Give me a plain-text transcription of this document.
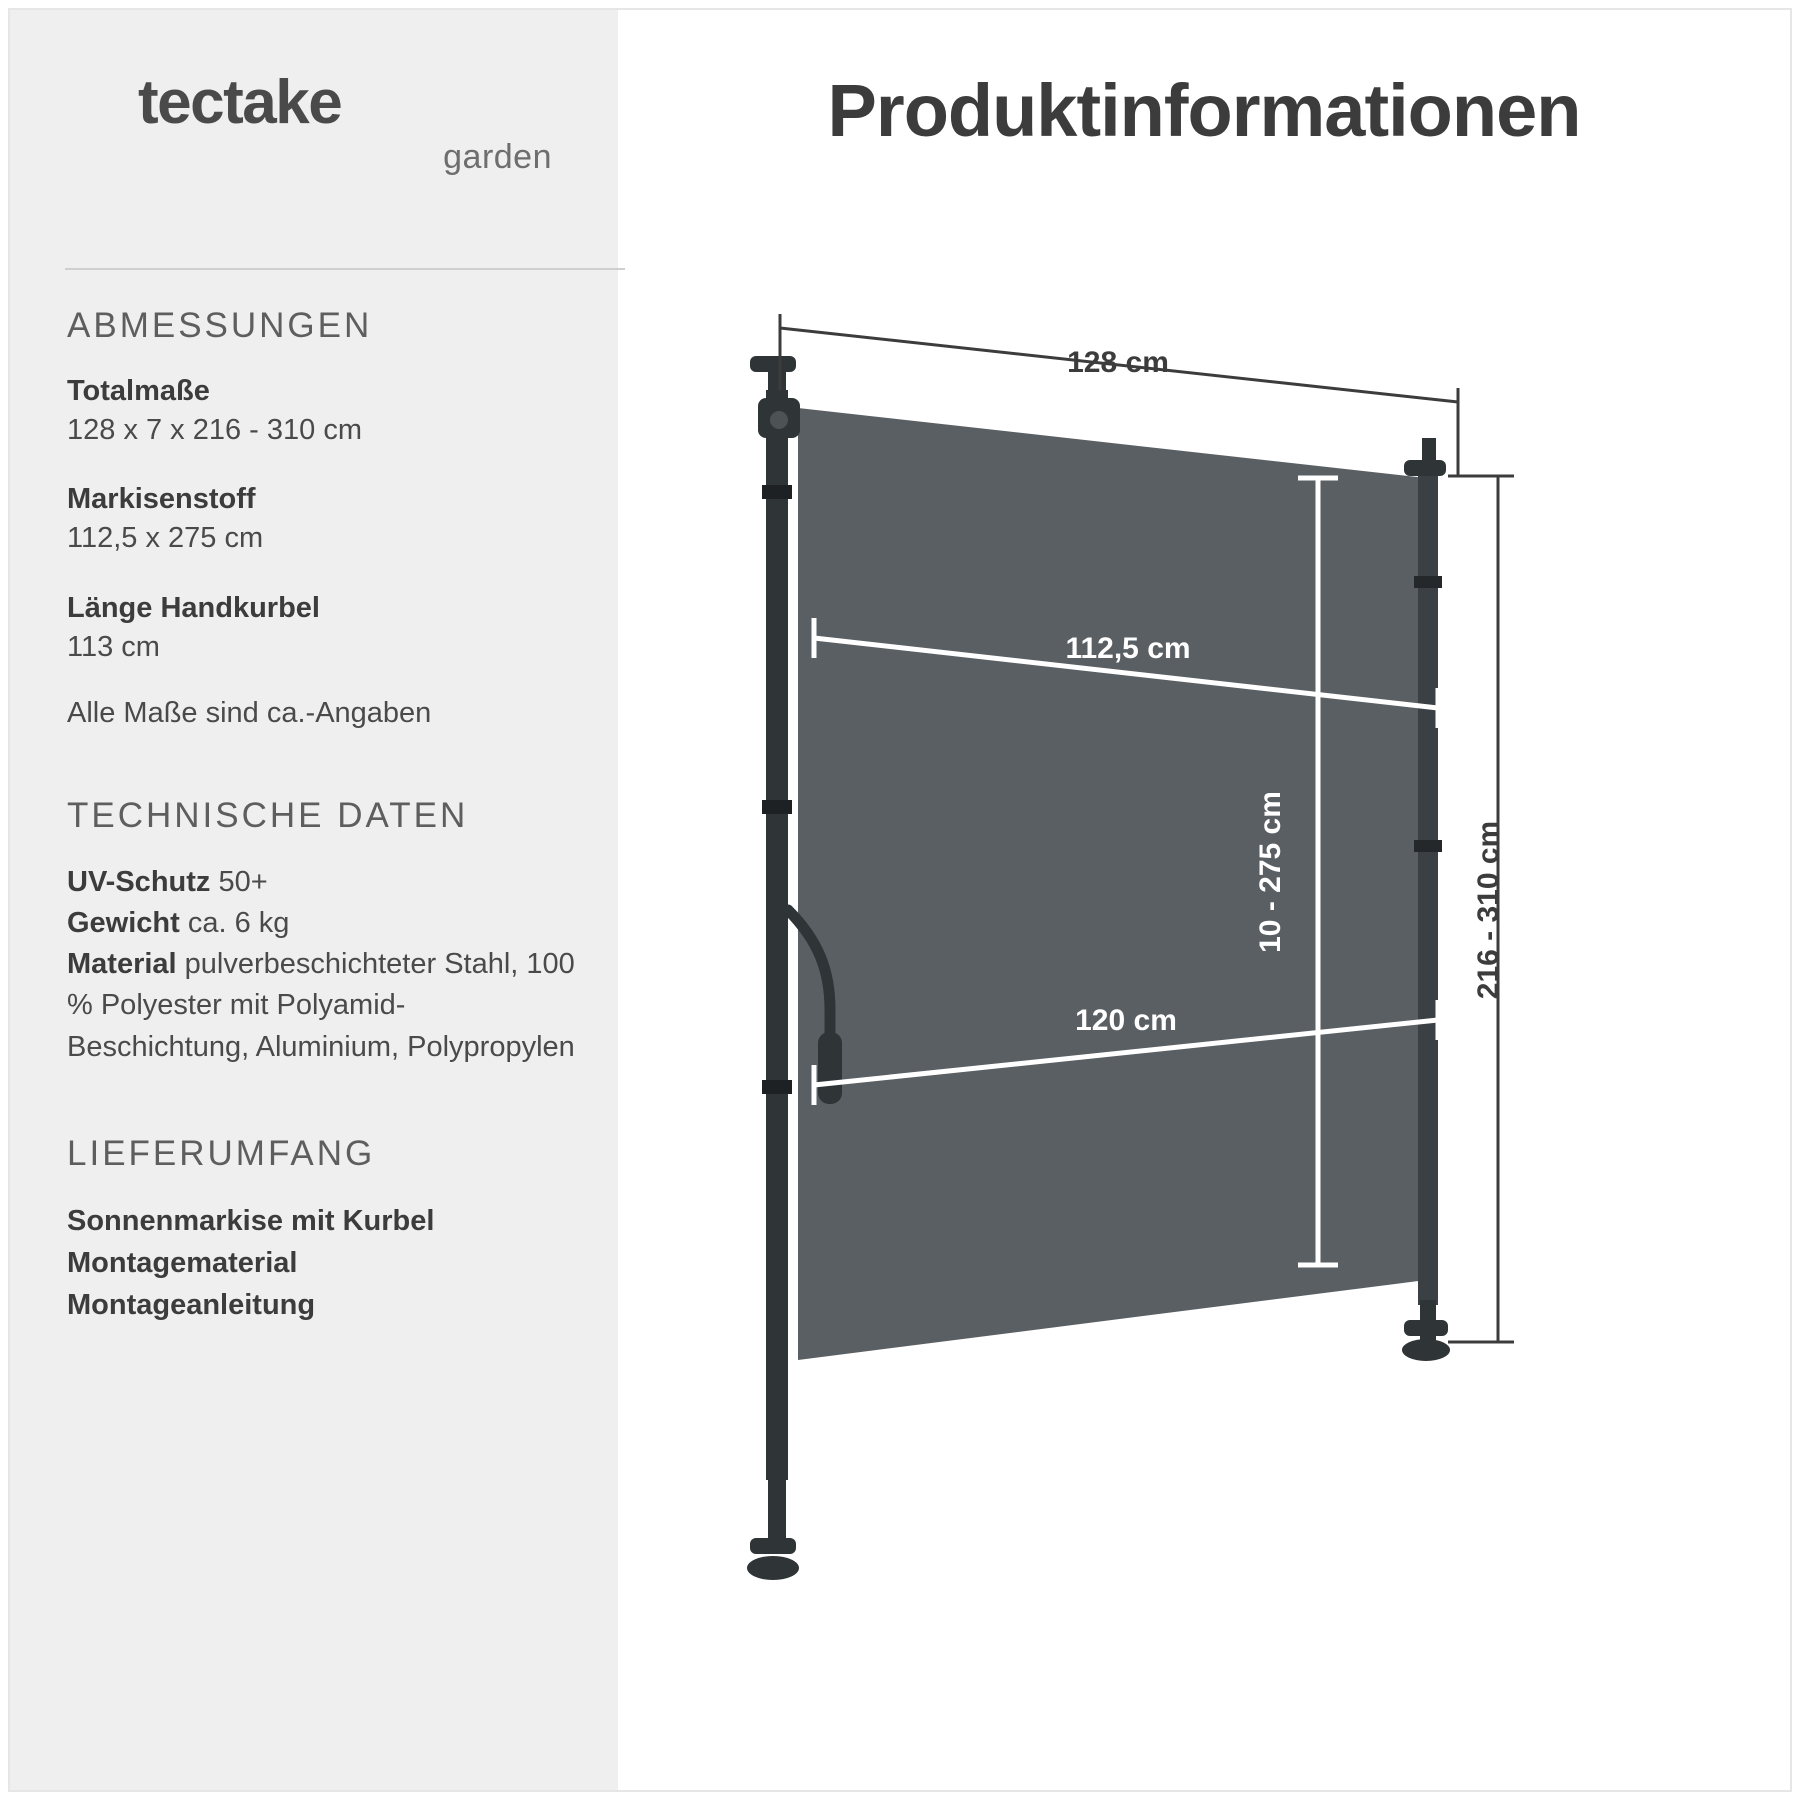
tectake
garden
ABMESSUNGEN
Totalmaße
128 x 7 x 216 - 310 cm
Markisenstoff
112,5 x 275 cm
Länge Handkurbel
113 cm
Alle Maße sind ca.-Angaben
TECHNISCHE DATEN
UV-Schutz 50+
Gewicht ca. 6 kg
Material pulverbeschichteter Stahl, 100 % Polyester mit Polyamid-Beschichtung, Aluminium, Polypropylen
LIEFERUMFANG
Sonnenmarkise mit Kurbel
Montagematerial
Montageanleitung
Produktinformationen
128 cm
216 - 310 cm
112,5 cm
120 cm
10 - 275 cm
